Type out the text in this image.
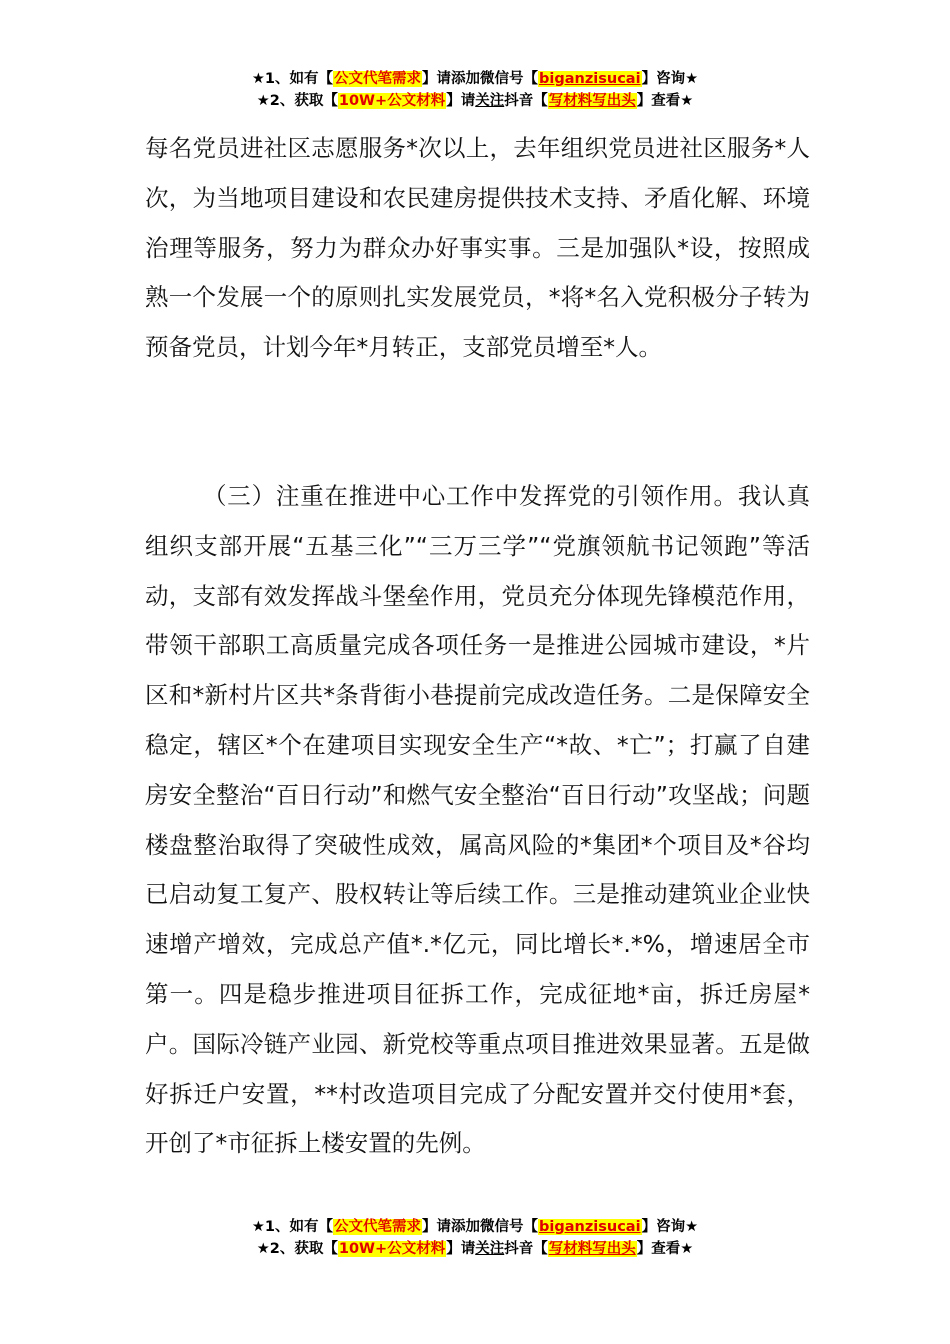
★1、如有【公文代笔需求】请添加微信号【biganzisucai】咨询★
★2、获取【10W+公文材料】请关注抖音【写材料写出头】查看★
每名党员进社区志愿服务*次以上，去年组织党员进社区服务*人次，为当地项目建设和农民建房提供技术支持、矛盾化解、环境治理等服务，努力为群众办好事实事。三是加强队*设，按照成熟一个发展一个的原则扎实发展党员，*将*名入党积极分子转为预备党员，计划今年*月转正，支部党员增至*人。
（三）注重在推进中心工作中发挥党的引领作用。我认真组织支部开展“五基三化”“三万三学”“党旗领航书记领跑”等活动，支部有效发挥战斗堡垒作用，党员充分体现先锋模范作用，带领干部职工高质量完成各项任务一是推进公园城市建设，*片区和*新村片区共*条背街小巷提前完成改造任务。二是保障安全稳定，辖区*个在建项目实现安全生产“*故、*亡”；打赢了自建房安全整治“百日行动”和燃气安全整治“百日行动”攻坚战；问题楼盘整治取得了突破性成效，属高风险的*集团*个项目及*谷均已启动复工复产、股权转让等后续工作。三是推动建筑业企业快速增产增效，完成总产值*.*亿元，同比增长*.*%，增速居全市第一。四是稳步推进项目征拆工作，完成征地*亩，拆迁房屋*户。国际冷链产业园、新党校等重点项目推进效果显著。五是做好拆迁户安置，**村改造项目完成了分配安置并交付使用*套，开创了*市征拆上楼安置的先例。
★1、如有【公文代笔需求】请添加微信号【biganzisucai】咨询★
★2、获取【10W+公文材料】请关注抖音【写材料写出头】查看★
